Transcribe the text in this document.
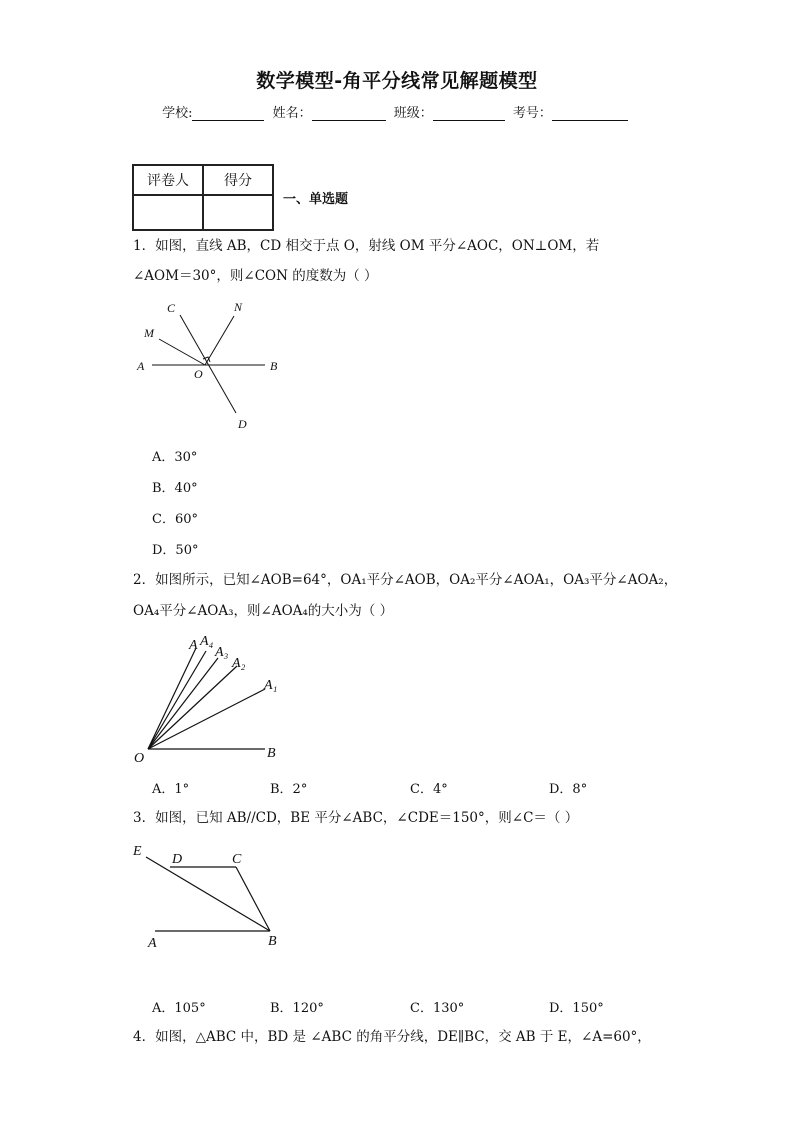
数学模型-角平分线常见解题模型
学校:	姓名：	班级：	考号：
评卷人	得分

一、单选题
1．如图，直线 AB，CD 相交于点 O，射线 OM 平分∠AOC，ON⊥OM，若
∠AOM＝30°，则∠CON 的度数为（ ）
A	B
C
D
M
N
O
A．30°
B．40°
C．60°
D．50°
2．如图所示，已知∠AOB=64°，OA₁平分∠AOB，OA₂平分∠AOA₁，OA₃平分∠AOA₂，
OA₄平分∠AOA₃，则∠AOA₄的大小为（ ）
A A₄
A₃
A₂
A₁
B
O
A．1°	B．2°	C．4°	D．8°
3．如图，已知 AB//CD，BE 平分∠ABC，∠CDE＝150°，则∠C＝（ ）
E
D	C
A	B
A．105°	B．120°	C．130°	D．150°
4．如图，△ABC 中，BD 是 ∠ABC 的角平分线，DE∥BC，交 AB 于 E，∠A=60°，
